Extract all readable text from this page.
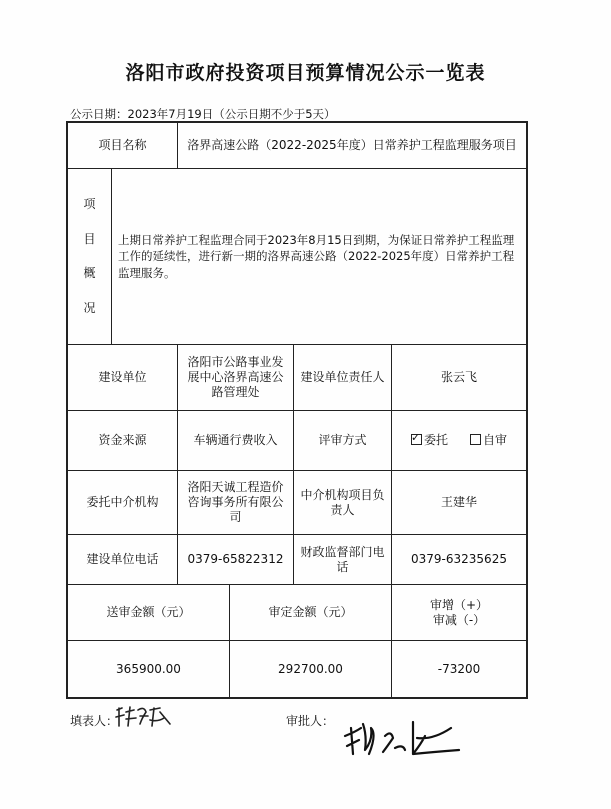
洛阳市政府投资项目预算情况公示一览表
公示日期：2023年7月19日（公示日期不少于5天）
项目名称	洛界高速公路（2022-2025年度）日常养护工程监理服务项目
项
目
概
况
上期日常养护工程监理合同于2023年8月15日到期，为保证日常养护工程监理工作的延续性，进行新一期的洛界高速公路（2022-2025年度）日常养护工程监理服务。
建设单位
洛阳市公路事业发展中心洛界高速公路管理处
建设单位责任人	张云飞
资金来源	车辆通行费收入	评审方式
✓	委托	自审
委托中介机构
洛阳天诚工程造价咨询事务所有限公司
中介机构项目负责人
王建华
建设单位电话	0379-65822312
财政监督部门电话
0379-63235625
送审金额（元）	审定金额（元）
审增（+）
审减（-）
365900.00	292700.00	-73200
填表人：	审批人：
